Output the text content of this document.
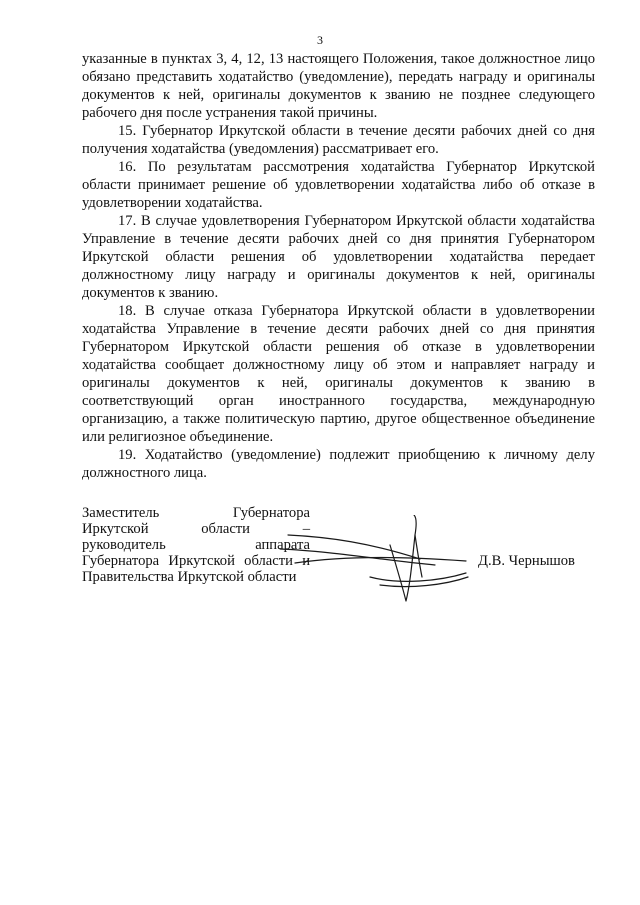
3

указанные в пунктах 3, 4, 12, 13 настоящего Положения, такое должностное лицо обязано представить ходатайство (уведомление), передать награду и оригиналы документов к ней, оригиналы документов к званию не позднее следующего рабочего дня после устранения такой причины.

15. Губернатор Иркутской области в течение десяти рабочих дней со дня получения ходатайства (уведомления) рассматривает его.

16. По результатам рассмотрения ходатайства Губернатор Иркутской области принимает решение об удовлетворении ходатайства либо об отказе в удовлетворении ходатайства.

17. В случае удовлетворения Губернатором Иркутской области ходатайства Управление в течение десяти рабочих дней со дня принятия Губернатором Иркутской области решения об удовлетворении ходатайства передает должностному лицу награду и оригиналы документов к ней, оригиналы документов к званию.

18. В случае отказа Губернатора Иркутской области в удовлетворении ходатайства Управление в течение десяти рабочих дней со дня принятия Губернатором Иркутской области решения об отказе в удовлетворении ходатайства сообщает должностному лицу об этом и направляет награду и оригиналы документов к ней, оригиналы документов к званию в соответствующий орган иностранного государства, международную организацию, а также политическую партию, другое общественное объединение или религиозное объединение.

19. Ходатайство (уведомление) подлежит приобщению к личному делу должностного лица.

Заместитель Губернатора
Иркутской области –
руководитель аппарата
Губернатора Иркутской области и
Правительства Иркутской области
Д.В. Чернышов
